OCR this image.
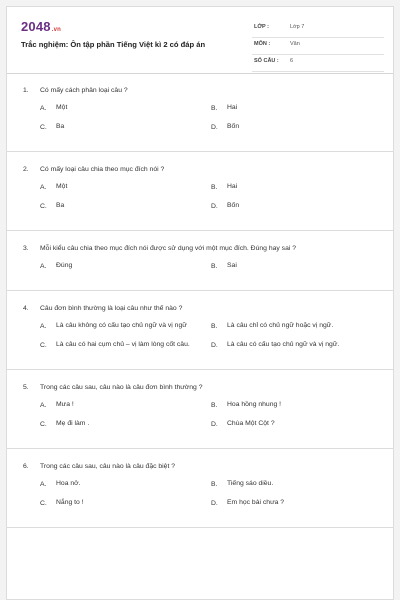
2048.vn
Trắc nghiệm: Ôn tập phần Tiếng Việt kì 2 có đáp án
LỚP :	Lớp 7
MÔN :	Văn
SỐ CÂU : 6
1.	Có mấy cách phân loại câu ?
A.	Một	B.	Hai
C.	Ba	D.	Bốn
2.	Có mấy loại câu chia theo mục đích nói ?
A.	Một	B.	Hai
C.	Ba	D.	Bốn
3.	Mỗi kiểu câu chia theo mục đích nói được sử dụng với một mục đích. Đúng hay sai ?
A.	Đúng	B.	Sai
4.	Câu đơn bình thường là loại câu như thế nào ?
A.	Là câu không có cấu tạo chủ ngữ và vị ngữ	B.	Là câu chỉ có chủ ngữ hoặc vị ngữ.
C.	Là câu có hai cụm chủ – vị làm lòng cốt câu.	D.	Là câu có cấu tạo chủ ngữ và vị ngữ.
5.	Trong các câu sau, câu nào là câu đơn bình thường ?
A.	Mưa !	B.	Hoa hồng nhung !
C.	Mẹ đi làm .	D.	Chùa Một Cột ?
6.	Trong các câu sau, câu nào là câu đặc biệt ?
A.	Hoa nở.	B.	Tiếng sáo diều.
C.	Nắng to !	D.	Em học bài chưa ?
